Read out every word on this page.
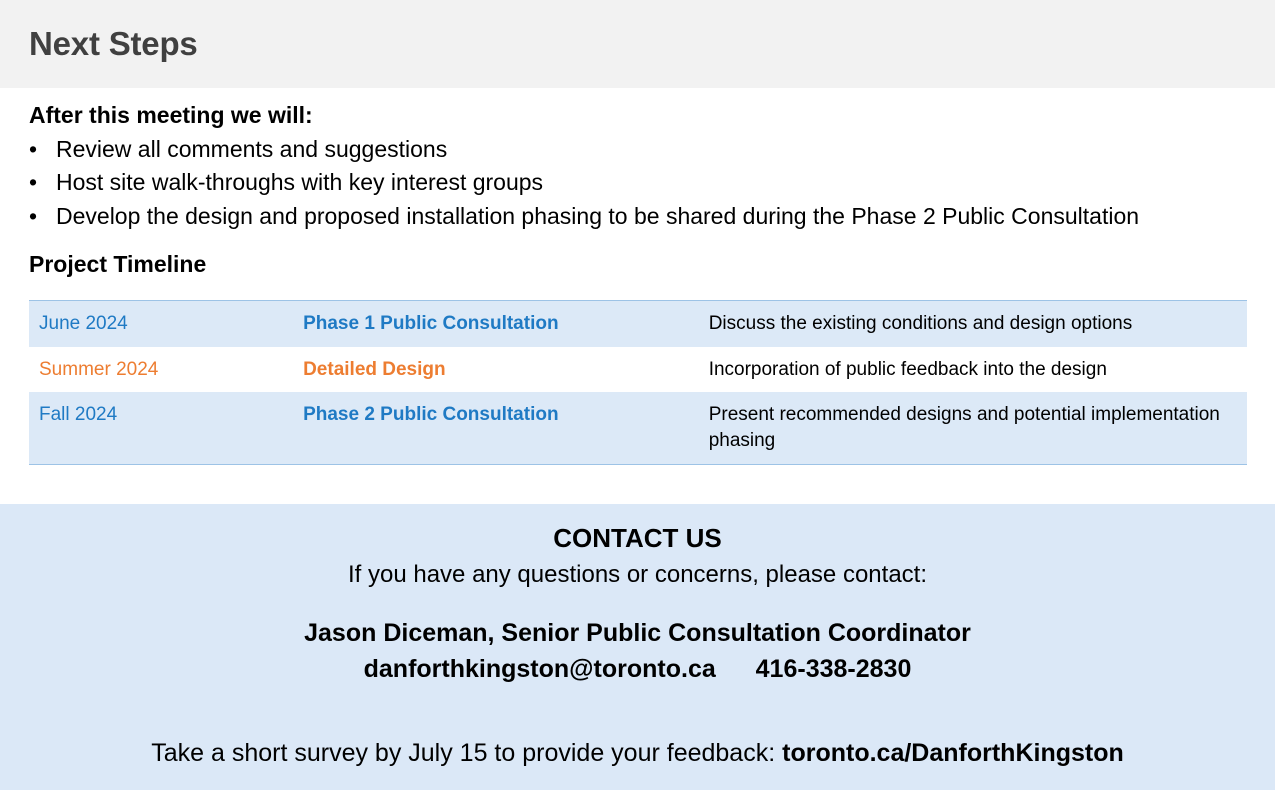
Next Steps

After this meeting we will:

• Review all comments and suggestions
• Host site walk-throughs with key interest groups
• Develop the design and proposed installation phasing to be shared during the Phase 2 Public Consultation

Project Timeline

June 2024	Phase 1 Public Consultation	Discuss the existing conditions and design options
Summer 2024	Detailed Design	Incorporation of public feedback into the design
Fall 2024	Phase 2 Public Consultation	Present recommended designs and potential implementation phasing
CONTACT US
If you have any questions or concerns, please contact:
Jason Diceman, Senior Public Consultation Coordinator
danforthkingston@toronto.ca 416-338-2830
Take a short survey by July 15 to provide your feedback: toronto.ca/DanforthKingston
